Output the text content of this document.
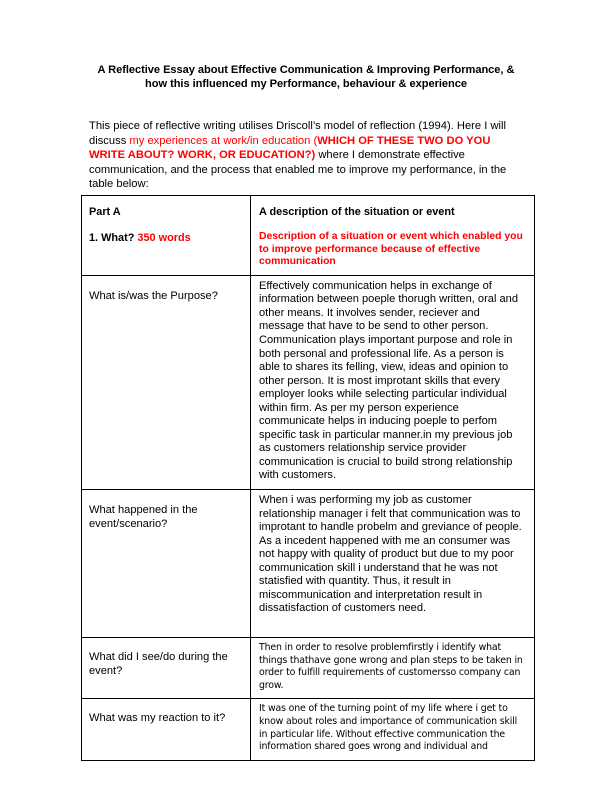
A Reflective Essay about Effective Communication & Improving Performance, & how this influenced my Performance, behaviour & experience
This piece of reflective writing utilises Driscoll’s model of reflection (1994). Here I will discuss my experiences at work/in education (WHICH OF THESE TWO DO YOU WRITE ABOUT? WORK, OR EDUCATION?) where I demonstrate effective communication, and the process that enabled me to improve my performance, in the table below:
Part A
1. What? 350 words
A description of the situation or event
Description of a situation or event which enabled you to improve performance because of effective communication
What is/was the Purpose?
Effectively communication helps in exchange of information between poeple thorugh written, oral and other means. It involves sender, reciever and message that have to be send to other person. Communication plays important purpose and role in both personal and professional life. As a person is able to shares its felling, view, ideas and opinion to other person. It is most improtant skills that every employer looks while selecting particular individual within firm. As per my person experience communicate helps in inducing poeple to perfom specific task in particular manner.in my previous job as customers relationship service provider communication is crucial to build strong relationship with customers.
What happened in the event/scenario?
When i was performing my job as customer relationship manager i felt that communication was to improtant to handle probelm and greviance of people. As a incedent happened with me an consumer was not happy with quality of product but due to my poor communication skill i understand that he was not statisfied with quantity. Thus, it result in miscommunication and interpretation result in dissatisfaction of customers need.
What did I see/do during the event?
Then in order to resolve problemfirstly i identify what things thathave gone wrong and plan steps to be taken in order to fulfill requirements of customersso company can grow.
What was my reaction to it?
It was one of the turning point of my life where i get to know about roles and importance of communication skill in particular life. Without effective communication the information shared goes wrong and individual and
